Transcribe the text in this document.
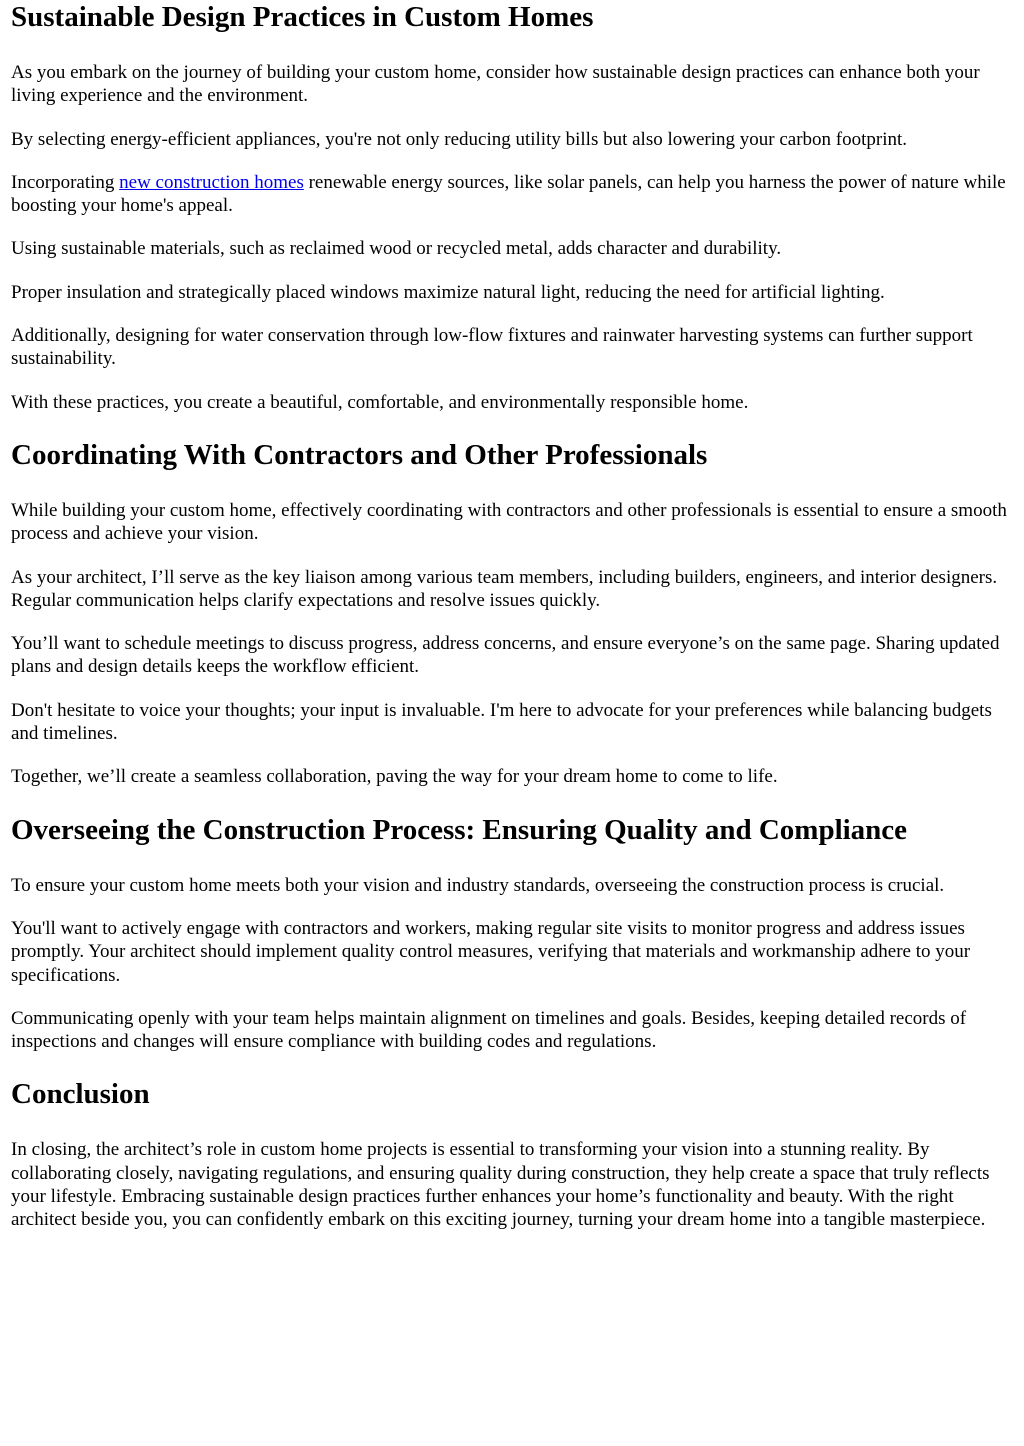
Sustainable Design Practices in Custom Homes

As you embark on the journey of building your custom home, consider how sustainable design practices can enhance both your living experience and the environment.

By selecting energy-efficient appliances, you're not only reducing utility bills but also lowering your carbon footprint.

Incorporating new construction homes renewable energy sources, like solar panels, can help you harness the power of nature while boosting your home's appeal.

Using sustainable materials, such as reclaimed wood or recycled metal, adds character and durability.

Proper insulation and strategically placed windows maximize natural light, reducing the need for artificial lighting.

Additionally, designing for water conservation through low-flow fixtures and rainwater harvesting systems can further support sustainability.

With these practices, you create a beautiful, comfortable, and environmentally responsible home.

Coordinating With Contractors and Other Professionals

While building your custom home, effectively coordinating with contractors and other professionals is essential to ensure a smooth process and achieve your vision.

As your architect, I’ll serve as the key liaison among various team members, including builders, engineers, and interior designers. Regular communication helps clarify expectations and resolve issues quickly.

You’ll want to schedule meetings to discuss progress, address concerns, and ensure everyone’s on the same page. Sharing updated plans and design details keeps the workflow efficient.

Don't hesitate to voice your thoughts; your input is invaluable. I'm here to advocate for your preferences while balancing budgets and timelines.

Together, we’ll create a seamless collaboration, paving the way for your dream home to come to life.

Overseeing the Construction Process: Ensuring Quality and Compliance

To ensure your custom home meets both your vision and industry standards, overseeing the construction process is crucial.

You'll want to actively engage with contractors and workers, making regular site visits to monitor progress and address issues promptly. Your architect should implement quality control measures, verifying that materials and workmanship adhere to your specifications.

Communicating openly with your team helps maintain alignment on timelines and goals. Besides, keeping detailed records of inspections and changes will ensure compliance with building codes and regulations.

Conclusion

In closing, the architect’s role in custom home projects is essential to transforming your vision into a stunning reality. By collaborating closely, navigating regulations, and ensuring quality during construction, they help create a space that truly reflects your lifestyle. Embracing sustainable design practices further enhances your home’s functionality and beauty. With the right architect beside you, you can confidently embark on this exciting journey, turning your dream home into a tangible masterpiece.
